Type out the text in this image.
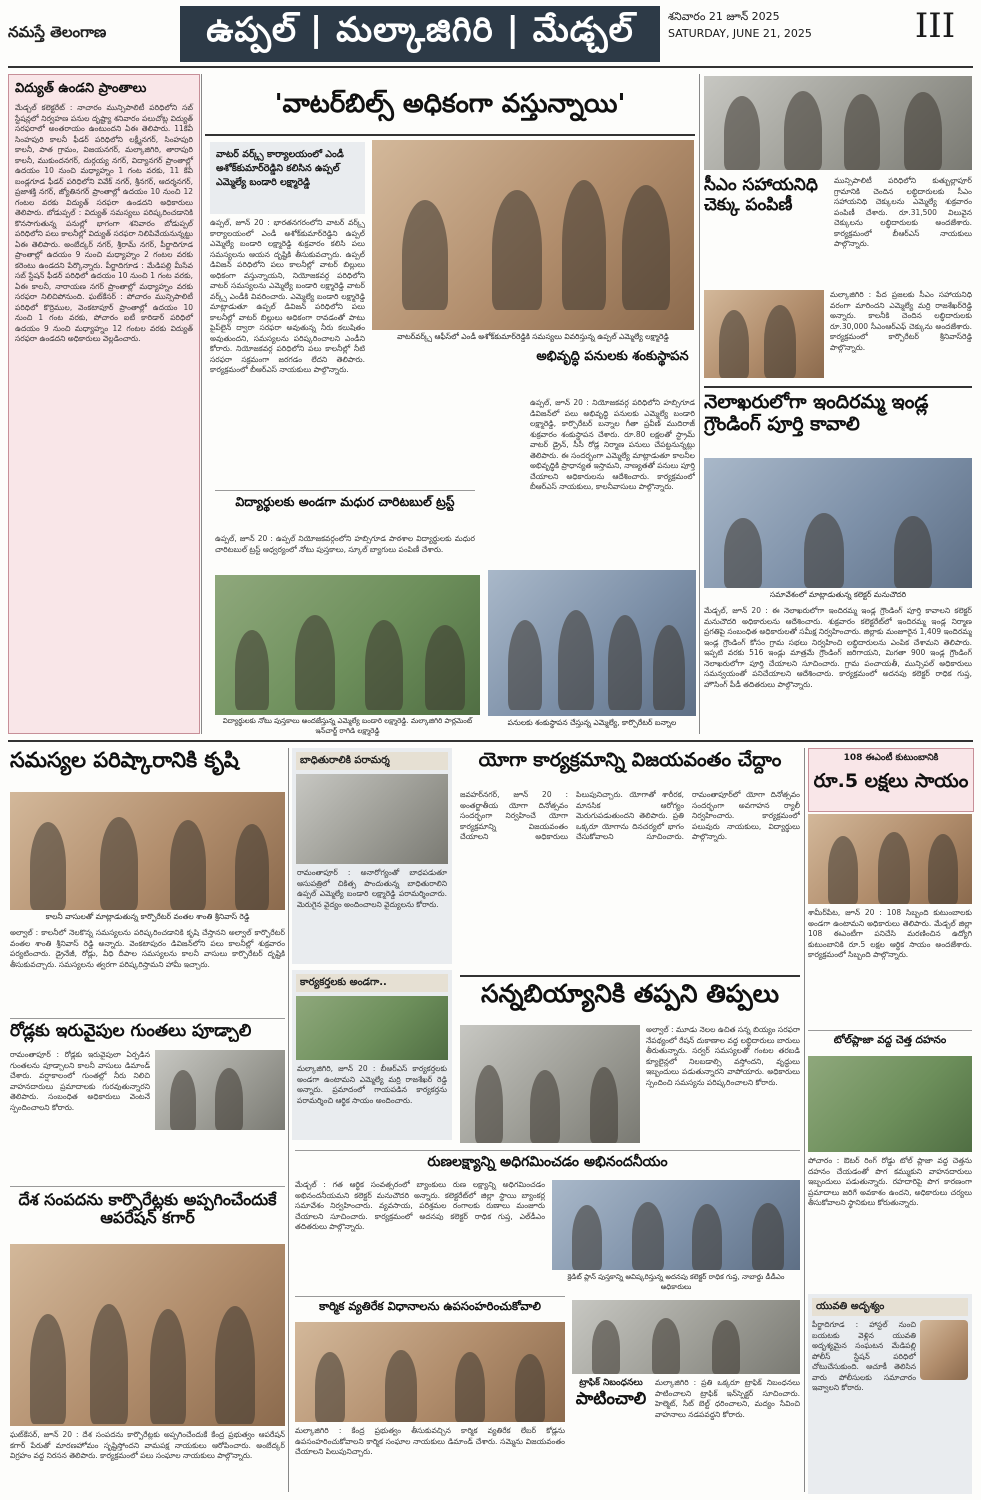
నమస్తే తెలంగాణ	ఉప్పల్ | మల్కాజిగిరి | మేడ్చల్	శనివారం 21 జూన్ 2025
SATURDAY, JUNE 21, 2025	III
విద్యుత్ ఉండని ప్రాంతాలు
మేడ్చల్ కలెక్టరేట్ : నాచారం మున్సిపాలిటీ పరిధిలోని సబ్ స్టేషన్లలో నిర్వహణ పనుల దృష్ట్యా శనివారం పలుచోట్ల విద్యుత్ సరఫరాలో అంతరాయం ఉంటుందని ఏఈ తెలిపారు. 11కేవీ సింహపురి కాలనీ ఫీడర్ పరిధిలోని లక్ష్మీనగర్, సింహపురి కాలనీ, పాత గ్రామం, విజయనగర్, మల్కాజిగిరి, తారాపురి కాలనీ, ముకుందనగర్, దుర్గయ్య నగర్, విద్యానగర్ ప్రాంతాల్లో ఉదయం 10 నుంచి మధ్యాహ్నం 1 గంట వరకు, 11 కేవీ బండ్లగూడ ఫీడర్ పరిధిలోని వివేక్ నగర్, శ్రీనగర్, ఆదర్శనగర్, ప్రజాశక్తి నగర్, జ్యోతినగర్ ప్రాంతాల్లో ఉదయం 10 నుంచి 12 గంటల వరకు విద్యుత్ సరఫరా ఉండదని అధికారులు తెలిపారు. బోడుప్పల్ : విద్యుత్ సమస్యలు పరిష్కరించడానికి కొనసాగుతున్న పనుల్లో భాగంగా శనివారం బోడుప్పల్ పరిధిలోని పలు కాలనీల్లో విద్యుత్ సరఫరా నిలిపివేయనున్నట్టు ఏఈ తెలిపారు. అంబేద్కర్ నగర్, శ్రీరామ్ నగర్, పీర్జాదిగూడ ప్రాంతాల్లో ఉదయం 9 నుంచి మధ్యాహ్నం 2 గంటల వరకు కరెంటు ఉండదని పేర్కొన్నారు. పీర్జాదిగూడ : మేడిపల్లి మీసేవ సబ్ స్టేషన్ ఫీడర్ పరిధిలో ఉదయం 10 నుంచి 1 గంట వరకు, ఏఈ కాలనీ, నారాయణ నగర్ ప్రాంతాల్లో మధ్యాహ్నం వరకు సరఫరా నిలిచిపోనుంది. ఘట్‌కేసర్ : పోచారం మున్సిపాలిటీ పరిధిలో కొర్రెముల, వెంకటాపూర్ ప్రాంతాల్లో ఉదయం 10 నుంచి 1 గంట వరకు, పోచారం ఐటీ కారిడార్ పరిధిలో ఉదయం 9 నుంచి మధ్యాహ్నం 12 గంటల వరకు విద్యుత్ సరఫరా ఉండదని అధికారులు వెల్లడించారు.
'వాటర్‌బిల్స్ అధికంగా వస్తున్నాయి'
వాటర్ వర్క్స్ కార్యాలయంలో ఎండీ అశోక్‌కుమార్‌రెడ్డిని కలిసిన ఉప్పల్ ఎమ్మెల్యే బండారి లక్ష్మారెడ్డి
ఉప్పల్, జూన్ 20 : భారతనగరంలోని వాటర్ వర్క్స్ కార్యాలయంలో ఎండీ అశోక్‌కుమార్‌రెడ్డిని ఉప్పల్ ఎమ్మెల్యే బండారి లక్ష్మారెడ్డి శుక్రవారం కలిసి పలు సమస్యలను ఆయన దృష్టికి తీసుకువచ్చారు. ఉప్పల్ డివిజన్ పరిధిలోని పలు కాలనీల్లో వాటర్ బిల్లులు అధికంగా వస్తున్నాయని, నియోజకవర్గ పరిధిలోని వాటర్ సమస్యలను ఎమ్మెల్యే బండారి లక్ష్మారెడ్డి వాటర్ వర్క్స్ ఎండీకి వివరించారు. ఎమ్మెల్యే బండారి లక్ష్మారెడ్డి మాట్లాడుతూ ఉప్పల్ డివిజన్ పరిధిలోని పలు కాలనీల్లో వాటర్ బిల్లులు అధికంగా రావడంతో పాటు పైప్‌లైన్ ద్వారా సరఫరా అవుతున్న నీరు కలుషితం అవుతుందని, సమస్యలను పరిష్కరించాలని ఎండీని కోరారు. నియోజకవర్గ పరిధిలోని పలు కాలనీల్లో నీటి సరఫరా సక్రమంగా జరగడం లేదని తెలిపారు. కార్యక్రమంలో బీఆర్‌ఎస్ నాయకులు పాల్గొన్నారు.
వాటర్‌వర్క్స్ ఆఫీస్‌లో ఎండీ అశోక్‌కుమార్‌రెడ్డికి సమస్యలు వివరిస్తున్న ఉప్పల్ ఎమ్మెల్యే లక్ష్మారెడ్డి
అభివృద్ధి పనులకు శంకుస్థాపన
ఉప్పల్, జూన్ 20 : నియోజకవర్గ పరిధిలోని హబ్సిగూడ డివిజన్‌లో పలు అభివృద్ధి పనులకు ఎమ్మెల్యే బండారి లక్ష్మారెడ్డి, కార్పొరేటర్ బన్నాల గీతా ప్రవీణ్ ముదిరాజ్ శుక్రవారం శంకుస్థాపన చేశారు. రూ.80 లక్షలతో స్ట్రామ్ వాటర్ డ్రైన్, సీసీ రోడ్ల నిర్మాణ పనులు చేపట్టనున్నట్లు తెలిపారు. ఈ సందర్భంగా ఎమ్మెల్యే మాట్లాడుతూ కాలనీల అభివృద్ధికి ప్రాధాన్యత ఇస్తామని, నాణ్యతతో పనులు పూర్తి చేయాలని అధికారులను ఆదేశించారు. కార్యక్రమంలో బీఆర్‌ఎస్ నాయకులు, కాలనీవాసులు పాల్గొన్నారు.
విద్యార్థులకు అండగా మధుర చారిటబుల్ ట్రస్ట్
ఉప్పల్, జూన్ 20 : ఉప్పల్ నియోజకవర్గంలోని హబ్సిగూడ పాఠశాల విద్యార్థులకు మధుర చారిటబుల్ ట్రస్ట్ ఆధ్వర్యంలో నోటు పుస్తకాలు, స్కూల్ బ్యాగులు పంపిణీ చేశారు.
విద్యార్థులకు నోటు పుస్తకాలు అందజేస్తున్న ఎమ్మెల్యే బండారి లక్ష్మారెడ్డి. మల్కాజిగిరి పార్లమెంట్ ఇన్‌చార్జ్ రాగిడి లక్ష్మారెడ్డి
పనులకు శంకుస్థాపన చేస్తున్న ఎమ్మెల్యే, కార్పొరేటర్ బన్నాల
సీఎం సహాయనిధి చెక్కు పంపిణీ
మున్సిపాలిటీ పరిధిలోని కుత్బుల్లాపూర్ గ్రామానికి చెందిన లబ్ధిదారులకు సీఎం సహాయనిధి చెక్కులను ఎమ్మెల్యే శుక్రవారం పంపిణీ చేశారు. రూ.31,500 విలువైన చెక్కులను లబ్ధిదారులకు అందజేశారు. కార్యక్రమంలో బీఆర్‌ఎస్ నాయకులు పాల్గొన్నారు.
మల్కాజిగిరి : పేద ప్రజలకు సీఎం సహాయనిధి వరంగా మారిందని ఎమ్మెల్యే మర్రి రాజశేఖర్‌రెడ్డి అన్నారు. కాలనీకి చెందిన లబ్ధిదారులకు రూ.30,000 సీఎంఆర్‌ఎఫ్ చెక్కును అందజేశారు. కార్యక్రమంలో కార్పొరేటర్ శ్రీనివాస్‌రెడ్డి పాల్గొన్నారు.
నెలాఖరులోగా ఇందిరమ్మ ఇండ్ల గ్రౌండింగ్ పూర్తి కావాలి
సమావేశంలో మాట్లాడుతున్న కలెక్టర్ మనుచౌదరి
మేడ్చల్, జూన్ 20 : ఈ నెలాఖరులోగా ఇందిరమ్మ ఇండ్ల గ్రౌండింగ్ పూర్తి కావాలని కలెక్టర్ మనుచౌదరి అధికారులను ఆదేశించారు. శుక్రవారం కలెక్టరేట్‌లో ఇందిరమ్మ ఇండ్ల నిర్మాణ ప్రగతిపై సంబంధిత అధికారులతో సమీక్ష నిర్వహించారు. జిల్లాకు మంజూరైన 1,409 ఇందిరమ్మ ఇండ్ల గ్రౌండింగ్ కోసం గ్రామ సభలు నిర్వహించి లబ్ధిదారులను ఎంపిక చేశామని తెలిపారు. ఇప్పటి వరకు 516 ఇండ్లు మాత్రమే గ్రౌండింగ్ జరిగాయని, మిగతా 900 ఇండ్ల గ్రౌండింగ్ నెలాఖరులోగా పూర్తి చేయాలని సూచించారు. గ్రామ పంచాయతీ, మున్సిపల్ అధికారులు సమన్వయంతో పనిచేయాలని ఆదేశించారు. కార్యక్రమంలో అదనపు కలెక్టర్ రాధిక గుప్త, హౌసింగ్ పీడీ తదితరులు పాల్గొన్నారు.
సమస్యల పరిష్కారానికి కృషి
కాలనీ వాసులతో మాట్లాడుతున్న కార్పొరేటర్ వంతల శాంతి శ్రీనివాస్ రెడ్డి
అల్వాల్ : కాలనీలో నెలకొన్న సమస్యలను పరిష్కరించడానికి కృషి చేస్తానని అల్వాల్ కార్పొరేటర్ వంతల శాంతి శ్రీనివాస్ రెడ్డి అన్నారు. వెంకటాపురం డివిజన్‌లోని పలు కాలనీల్లో శుక్రవారం పర్యటించారు. డ్రైనేజీ, రోడ్లు, వీధి దీపాల సమస్యలను కాలనీ వాసులు కార్పొరేటర్ దృష్టికి తీసుకువచ్చారు. సమస్యలను త్వరగా పరిష్కరిస్తామని హామీ ఇచ్చారు.
రోడ్లకు ఇరువైపుల గుంతలు పూడ్చాలి
రామంతాపూర్ : రోడ్లకు ఇరువైపులా ఏర్పడిన గుంతలను పూడ్చాలని కాలనీ వాసులు డిమాండ్ చేశారు. వర్షాకాలంలో గుంతల్లో నీరు నిలిచి వాహనదారులు ప్రమాదాలకు గురవుతున్నారని తెలిపారు. సంబంధిత అధికారులు వెంటనే స్పందించాలని కోరారు.
దేశ సంపదను కార్పొరేట్లకు అప్పగించేందుకే ఆపరేషన్ కగార్
ఘట్‌కేసర్, జూన్ 20 : దేశ సంపదను కార్పొరేట్లకు అప్పగించేందుకే కేంద్ర ప్రభుత్వం ఆపరేషన్ కగార్ పేరుతో మారణహోమం సృష్టిస్తోందని వామపక్ష నాయకులు ఆరోపించారు. అంబేద్కర్ విగ్రహం వద్ద నిరసన తెలిపారు. కార్యక్రమంలో పలు సంఘాల నాయకులు పాల్గొన్నారు.
బాధితురాలికి పరామర్శ
రామంతాపూర్ : అనారోగ్యంతో బాధపడుతూ ఆసుపత్రిలో చికిత్స పొందుతున్న బాధితురాలిని ఉప్పల్ ఎమ్మెల్యే బండారి లక్ష్మారెడ్డి పరామర్శించారు. మెరుగైన వైద్యం అందించాలని వైద్యులను కోరారు.
కార్యకర్తలకు అండగా..
మల్కాజిగిరి, జూన్ 20 : బీఆర్‌ఎస్ కార్యకర్తలకు అండగా ఉంటామని ఎమ్మెల్యే మర్రి రాజశేఖర్ రెడ్డి అన్నారు. ప్రమాదంలో గాయపడిన కార్యకర్తను పరామర్శించి ఆర్థిక సాయం అందించారు.
యోగా కార్యక్రమాన్ని విజయవంతం చేద్దాం
జవహర్‌నగర్, జూన్ 20 : అంతర్జాతీయ యోగా దినోత్సవం సందర్భంగా నిర్వహించే యోగా కార్యక్రమాన్ని విజయవంతం చేయాలని అధికారులు పిలుపునిచ్చారు. యోగాతో శారీరక, మానసిక ఆరోగ్యం మెరుగుపడుతుందని తెలిపారు. ప్రతి ఒక్కరూ యోగాను దినచర్యలో భాగం చేసుకోవాలని సూచించారు. రామంతాపూర్‌లో యోగా దినోత్సవం సందర్భంగా అవగాహన ర్యాలీ నిర్వహించారు. కార్యక్రమంలో పలువురు నాయకులు, విద్యార్థులు పాల్గొన్నారు.
సన్నబియ్యానికి తప్పని తిప్పలు
అల్వాల్ : మూడు నెలల ఉచిత సన్న బియ్యం సరఫరా నేపథ్యంలో రేషన్ దుకాణాల వద్ద లబ్ధిదారులు బారులు తీరుతున్నారు. సర్వర్ సమస్యలతో గంటల తరబడి క్యూలైన్లలో నిలబడాల్సి వస్తోందని, వృద్ధులు ఇబ్బందులు పడుతున్నారని వాపోయారు. అధికారులు స్పందించి సమస్యను పరిష్కరించాలని కోరారు.
రుణలక్ష్యాన్ని అధిగమించడం అభినందనీయం
మేడ్చల్ : గత ఆర్థిక సంవత్సరంలో బ్యాంకులు రుణ లక్ష్యాన్ని అధిగమించడం అభినందనీయమని కలెక్టర్ మనుచౌదరి అన్నారు. కలెక్టరేట్‌లో జిల్లా స్థాయి బ్యాంకర్ల సమావేశం నిర్వహించారు. వ్యవసాయ, పరిశ్రమల రంగాలకు రుణాలు మంజూరు చేయాలని సూచించారు. కార్యక్రమంలో అదనపు కలెక్టర్ రాధిక గుప్త, ఎల్‌డీఎం తదితరులు పాల్గొన్నారు.
క్రెడిట్ ప్లాన్ పుస్తకాన్ని ఆవిష్కరిస్తున్న అదనపు కలెక్టర్ రాధిక గుప్త, నాబార్డు డీడీఎం అధికారులు
కార్మిక వ్యతిరేక విధానాలను ఉపసంహరించుకోవాలి
మల్కాజిగిరి : కేంద్ర ప్రభుత్వం తీసుకువచ్చిన కార్మిక వ్యతిరేక లేబర్ కోడ్లను ఉపసంహరించుకోవాలని కార్మిక సంఘాల నాయకులు డిమాండ్ చేశారు. సమ్మెను విజయవంతం చేయాలని పిలుపునిచ్చారు.
ట్రాఫిక్ నిబంధనలు
పాటించాలి
మల్కాజిగిరి : ప్రతి ఒక్కరూ ట్రాఫిక్ నిబంధనలు పాటించాలని ట్రాఫిక్ ఇన్‌స్పెక్టర్ సూచించారు. హెల్మెట్, సీట్ బెల్ట్ ధరించాలని, మద్యం సేవించి వాహనాలు నడపవద్దని కోరారు.
108 ఈఎంటీ కుటుంబానికి
రూ.5 లక్షలు సాయం
శామీర్‌పేట, జూన్ 20 : 108 సిబ్బంది కుటుంబాలకు అండగా ఉంటామని అధికారులు తెలిపారు. మేడ్చల్ జిల్లా 108 ఈఎంటీగా పనిచేసి మరణించిన ఉద్యోగి కుటుంబానికి రూ.5 లక్షల ఆర్థిక సాయం అందజేశారు. కార్యక్రమంలో సిబ్బంది పాల్గొన్నారు.
టోల్‌ప్లాజా వద్ద చెత్త దహనం
పోచారం : ఔటర్ రింగ్ రోడ్డు టోల్ ప్లాజా వద్ద చెత్తను దహనం చేయడంతో పొగ కమ్ముకుని వాహనదారులు ఇబ్బందులు పడుతున్నారు. రహదారిపై పొగ కారణంగా ప్రమాదాలు జరిగే అవకాశం ఉందని, అధికారులు చర్యలు తీసుకోవాలని స్థానికులు కోరుతున్నారు.
యువతి అదృశ్యం
పీర్జాదిగూడ : హాస్టల్ నుంచి బయటకు వెళ్లిన యువతి అదృశ్యమైన సంఘటన మేడిపల్లి పోలీస్ స్టేషన్ పరిధిలో చోటుచేసుకుంది. ఆచూకీ తెలిసిన వారు పోలీసులకు సమాచారం ఇవ్వాలని కోరారు.
